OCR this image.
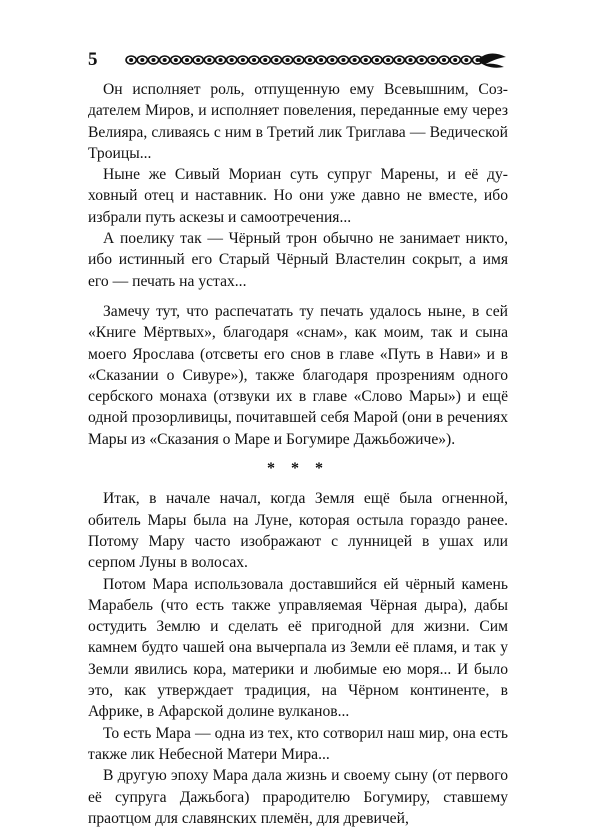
5

Он исполняет роль, отпущенную ему Всевышним, Создателем Миров, и исполняет повеления, переданные ему через Велияра, сливаясь с ним в Третий лик Триглава — Ведической Троицы...

Ныне же Сивый Мориан суть супруг Марены, и её духовный отец и наставник. Но они уже давно не вместе, ибо избрали путь аскезы и самоотречения...

А поелику так — Чёрный трон обычно не занимает никто, ибо истинный его Старый Чёрный Властелин сокрыт, а имя его — печать на устах...

Замечу тут, что распечатать ту печать удалось ныне, в сей «Книге Мёртвых», благодаря «снам», как моим, так и сына моего Ярослава (отсветы его снов в главе «Путь в Нави» и в «Сказании о Сивуре»), также благодаря прозрениям одного сербского монаха (отзвуки их в главе «Слово Мары») и ещё одной прозорливицы, почитавшей себя Марой (они в речениях Мары из «Сказания о Маре и Богумире Дажьбожиче»).

* * *

Итак, в начале начал, когда Земля ещё была огненной, обитель Мары была на Луне, которая остыла гораздо ранее. Потому Мару часто изображают с лунницей в ушах или серпом Луны в волосах.

Потом Мара использовала доставшийся ей чёрный камень Марабель (что есть также управляемая Чёрная дыра), дабы остудить Землю и сделать её пригодной для жизни. Сим камнем будто чашей она вычерпала из Земли её пламя, и так у Земли явились кора, материки и любимые ею моря... И было это, как утверждает традиция, на Чёрном континенте, в Африке, в Афарской долине вулканов...

То есть Мара — одна из тех, кто сотворил наш мир, она есть также лик Небесной Матери Мира...

В другую эпоху Мара дала жизнь и своему сыну (от первого её супруга Дажьбога) прародителю Богумиру, ставшему праотцом для славянских племён, для древичей,
